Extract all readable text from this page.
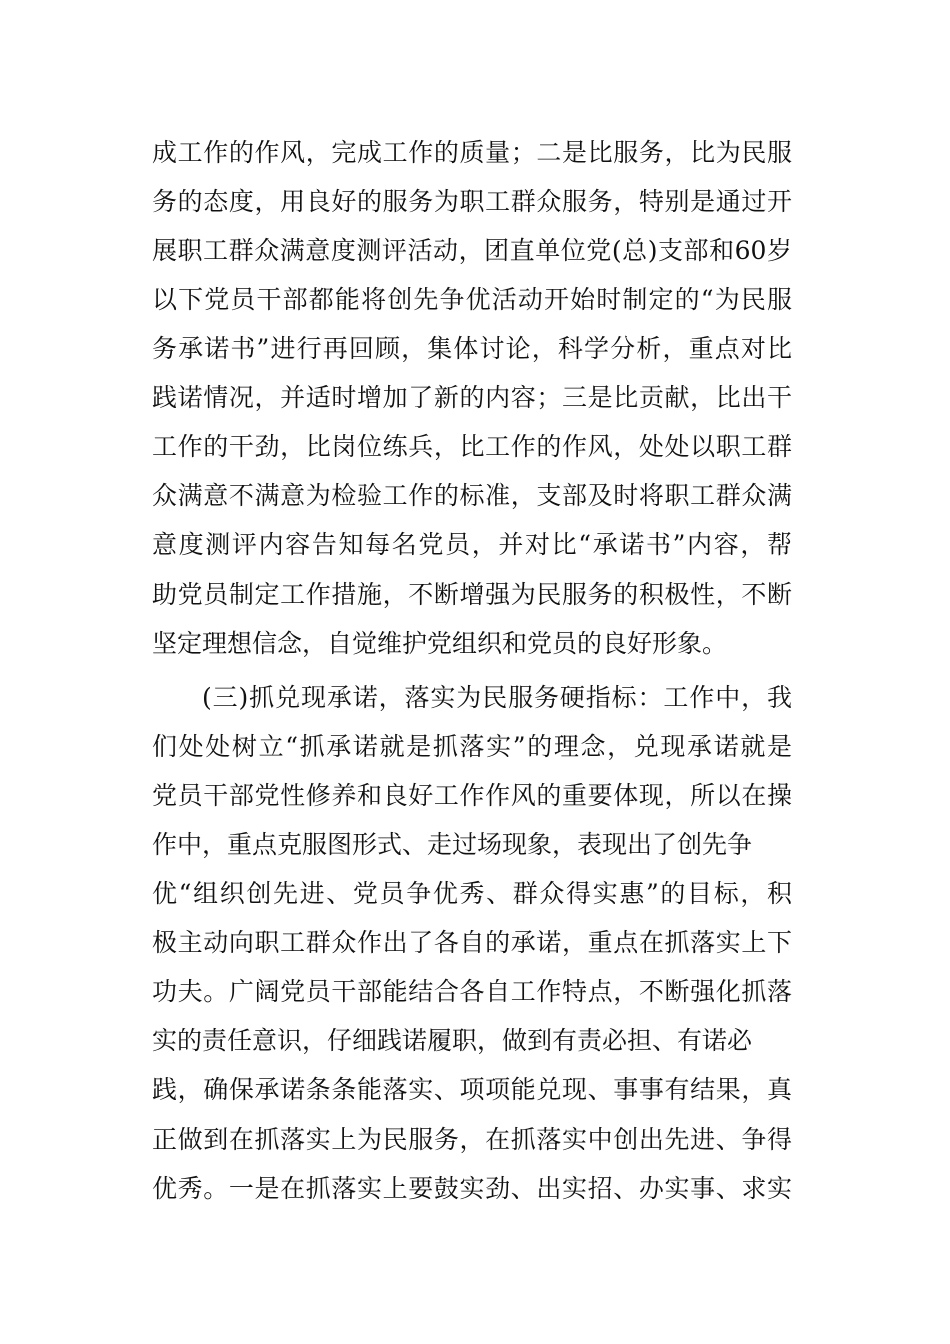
成工作的作风，完成工作的质量；二是比服务，比为民服
务的态度，用良好的服务为职工群众服务，特别是通过开
展职工群众满意度测评活动，团直单位党(总)支部和60岁
以下党员干部都能将创先争优活动开始时制定的“为民服
务承诺书”进行再回顾，集体讨论，科学分析，重点对比
践诺情况，并适时增加了新的内容；三是比贡献，比出干
工作的干劲，比岗位练兵，比工作的作风，处处以职工群
众满意不满意为检验工作的标准，支部及时将职工群众满
意度测评内容告知每名党员，并对比“承诺书”内容，帮
助党员制定工作措施，不断增强为民服务的积极性，不断
坚定理想信念，自觉维护党组织和党员的良好形象。
(三)抓兑现承诺，落实为民服务硬指标：工作中，我
们处处树立“抓承诺就是抓落实”的理念，兑现承诺就是
党员干部党性修养和良好工作作风的重要体现，所以在操
作中，重点克服图形式、走过场现象，表现出了创先争
优“组织创先进、党员争优秀、群众得实惠”的目标，积
极主动向职工群众作出了各自的承诺，重点在抓落实上下
功夫。广阔党员干部能结合各自工作特点，不断强化抓落
实的责任意识，仔细践诺履职，做到有责必担、有诺必
践，确保承诺条条能落实、项项能兑现、事事有结果，真
正做到在抓落实上为民服务，在抓落实中创出先进、争得
优秀。一是在抓落实上要鼓实劲、出实招、办实事、求实
